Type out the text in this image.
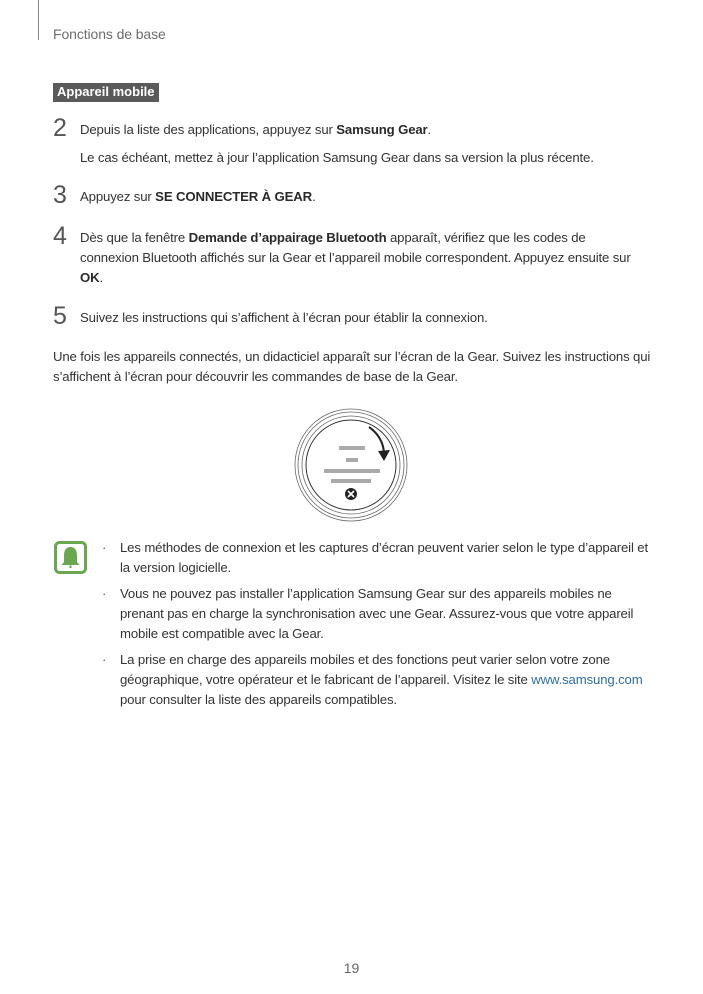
Fonctions de base
Appareil mobile
2 Depuis la liste des applications, appuyez sur Samsung Gear.
Le cas échéant, mettez à jour l’application Samsung Gear dans sa version la plus récente.
3 Appuyez sur SE CONNECTER À GEAR.
4 Dès que la fenêtre Demande d’appairage Bluetooth apparaît, vérifiez que les codes de connexion Bluetooth affichés sur la Gear et l’appareil mobile correspondent. Appuyez ensuite sur OK.
5 Suivez les instructions qui s’affichent à l’écran pour établir la connexion.
Une fois les appareils connectés, un didacticiel apparaît sur l’écran de la Gear. Suivez les instructions qui s’affichent à l’écran pour découvrir les commandes de base de la Gear.
· Les méthodes de connexion et les captures d’écran peuvent varier selon le type d’appareil et la version logicielle.
· Vous ne pouvez pas installer l’application Samsung Gear sur des appareils mobiles ne prenant pas en charge la synchronisation avec une Gear. Assurez-vous que votre appareil mobile est compatible avec la Gear.
· La prise en charge des appareils mobiles et des fonctions peut varier selon votre zone géographique, votre opérateur et le fabricant de l’appareil. Visitez le site www.samsung.com pour consulter la liste des appareils compatibles.
19
